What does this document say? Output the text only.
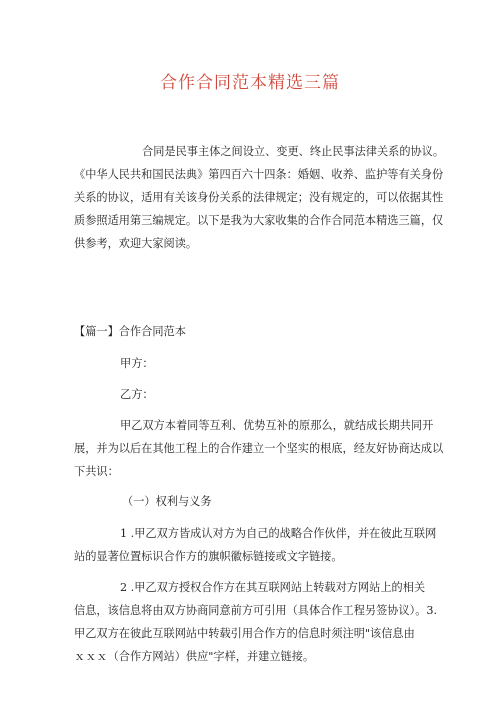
合作合同范本精选三篇
合同是民事主体之间设立、变更、终止民事法律关系的协议。
《中华人民共和国民法典》第四百六十四条：婚姻、收养、监护等有关身份
关系的协议，适用有关该身份关系的法律规定；没有规定的，可以依据其性
质参照适用第三编规定。以下是我为大家收集的合作合同范本精选三篇，仅
供参考，欢迎大家阅读。
【篇一】合作合同范本
甲方：
乙方：
甲乙双方本着同等互利、优势互补的原那么，就结成长期共同开
展，并为以后在其他工程上的合作建立一个坚实的根底，经友好协商达成以
下共识：
（一）权利与义务
1 .甲乙双方皆成认对方为自己的战略合作伙伴，并在彼此互联网
站的显著位置标识合作方的旗帜徽标链接或文字链接。
2 .甲乙双方授权合作方在其互联网站上转载对方网站上的相关
信息，该信息将由双方协商同意前方可引用（具体合作工程另签协议）。3.
甲乙双方在彼此互联网站中转载引用合作方的信息时须注明"该信息由
ｘｘｘ（合作方网站）供应"字样，并建立链接。
